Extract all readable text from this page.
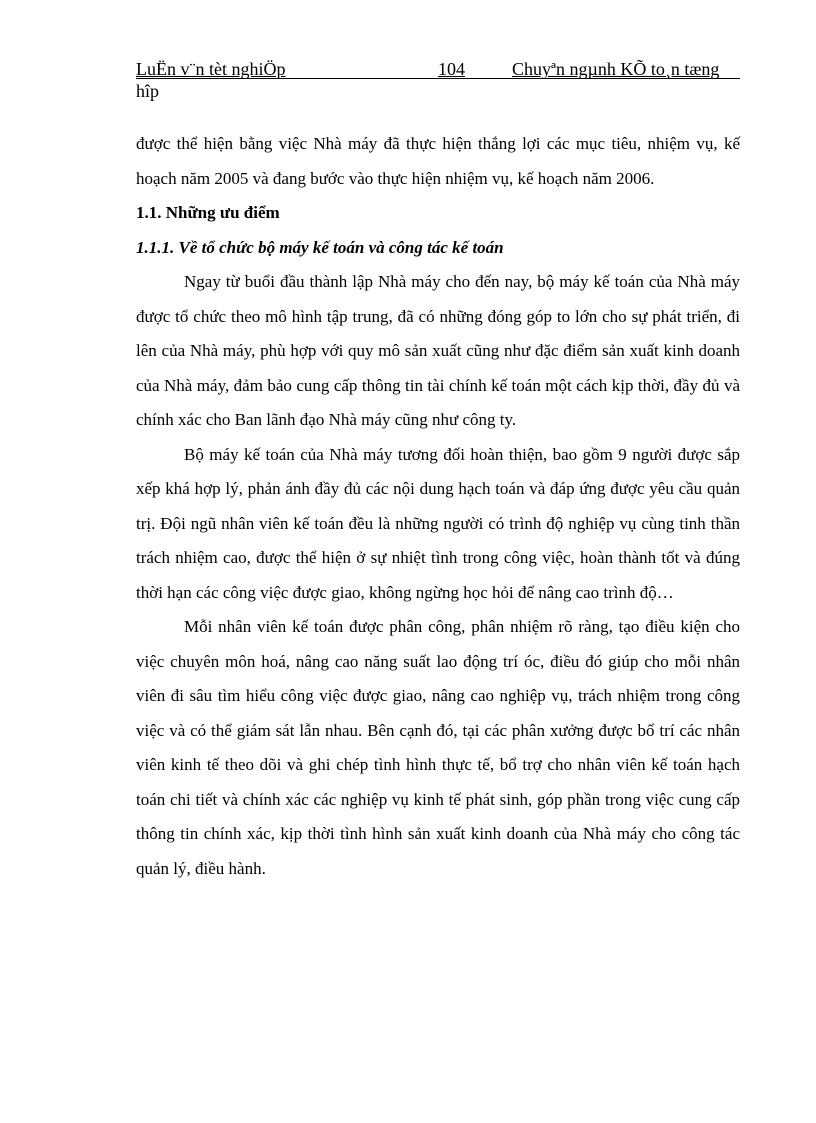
LuËn v¨n tèt nghiÖp	104	Chuyªn ngµnh KÕ to¸n tæng
hîp

được thể hiện bằng việc Nhà máy đã thực hiện thắng lợi các mục tiêu, nhiệm vụ, kế hoạch năm 2005 và đang bước vào thực hiện nhiệm vụ, kế hoạch năm 2006.

1.1. Những ưu điểm

1.1.1. Về tổ chức bộ máy kế toán và công tác kế toán

Ngay từ buổi đầu thành lập Nhà máy cho đến nay, bộ máy kế toán của Nhà máy được tổ chức theo mô hình tập trung, đã có những đóng góp to lớn cho sự phát triển, đi lên của Nhà máy, phù hợp với quy mô sản xuất cũng như đặc điểm sản xuất kinh doanh của Nhà máy, đảm bảo cung cấp thông tin tài chính kế toán một cách kịp thời, đầy đủ và chính xác cho Ban lãnh đạo Nhà máy cũng như công ty.

Bộ máy kế toán của Nhà máy tương đối hoàn thiện, bao gồm 9 người được sắp xếp khá hợp lý, phản ánh đầy đủ các nội dung hạch toán và đáp ứng được yêu cầu quản trị. Đội ngũ nhân viên kế toán đều là những người có trình độ nghiệp vụ cùng tinh thần trách nhiệm cao, được thể hiện ở sự nhiệt tình trong công việc, hoàn thành tốt và đúng thời hạn các công việc được giao, không ngừng học hỏi để nâng cao trình độ…

Mỗi nhân viên kế toán được phân công, phân nhiệm rõ ràng, tạo điều kiện cho việc chuyên môn hoá, nâng cao năng suất lao động trí óc, điều đó giúp cho mỗi nhân viên đi sâu tìm hiểu công việc được giao, nâng cao nghiệp vụ, trách nhiệm trong công việc và có thể giám sát lẫn nhau. Bên cạnh đó, tại các phân xưởng được bố trí các nhân viên kinh tế theo dõi và ghi chép tình hình thực tế, bổ trợ cho nhân viên kế toán hạch toán chi tiết và chính xác các nghiệp vụ kinh tế phát sinh, góp phần trong việc cung cấp thông tin chính xác, kịp thời tình hình sản xuất kinh doanh của Nhà máy cho công tác quản lý, điều hành.
